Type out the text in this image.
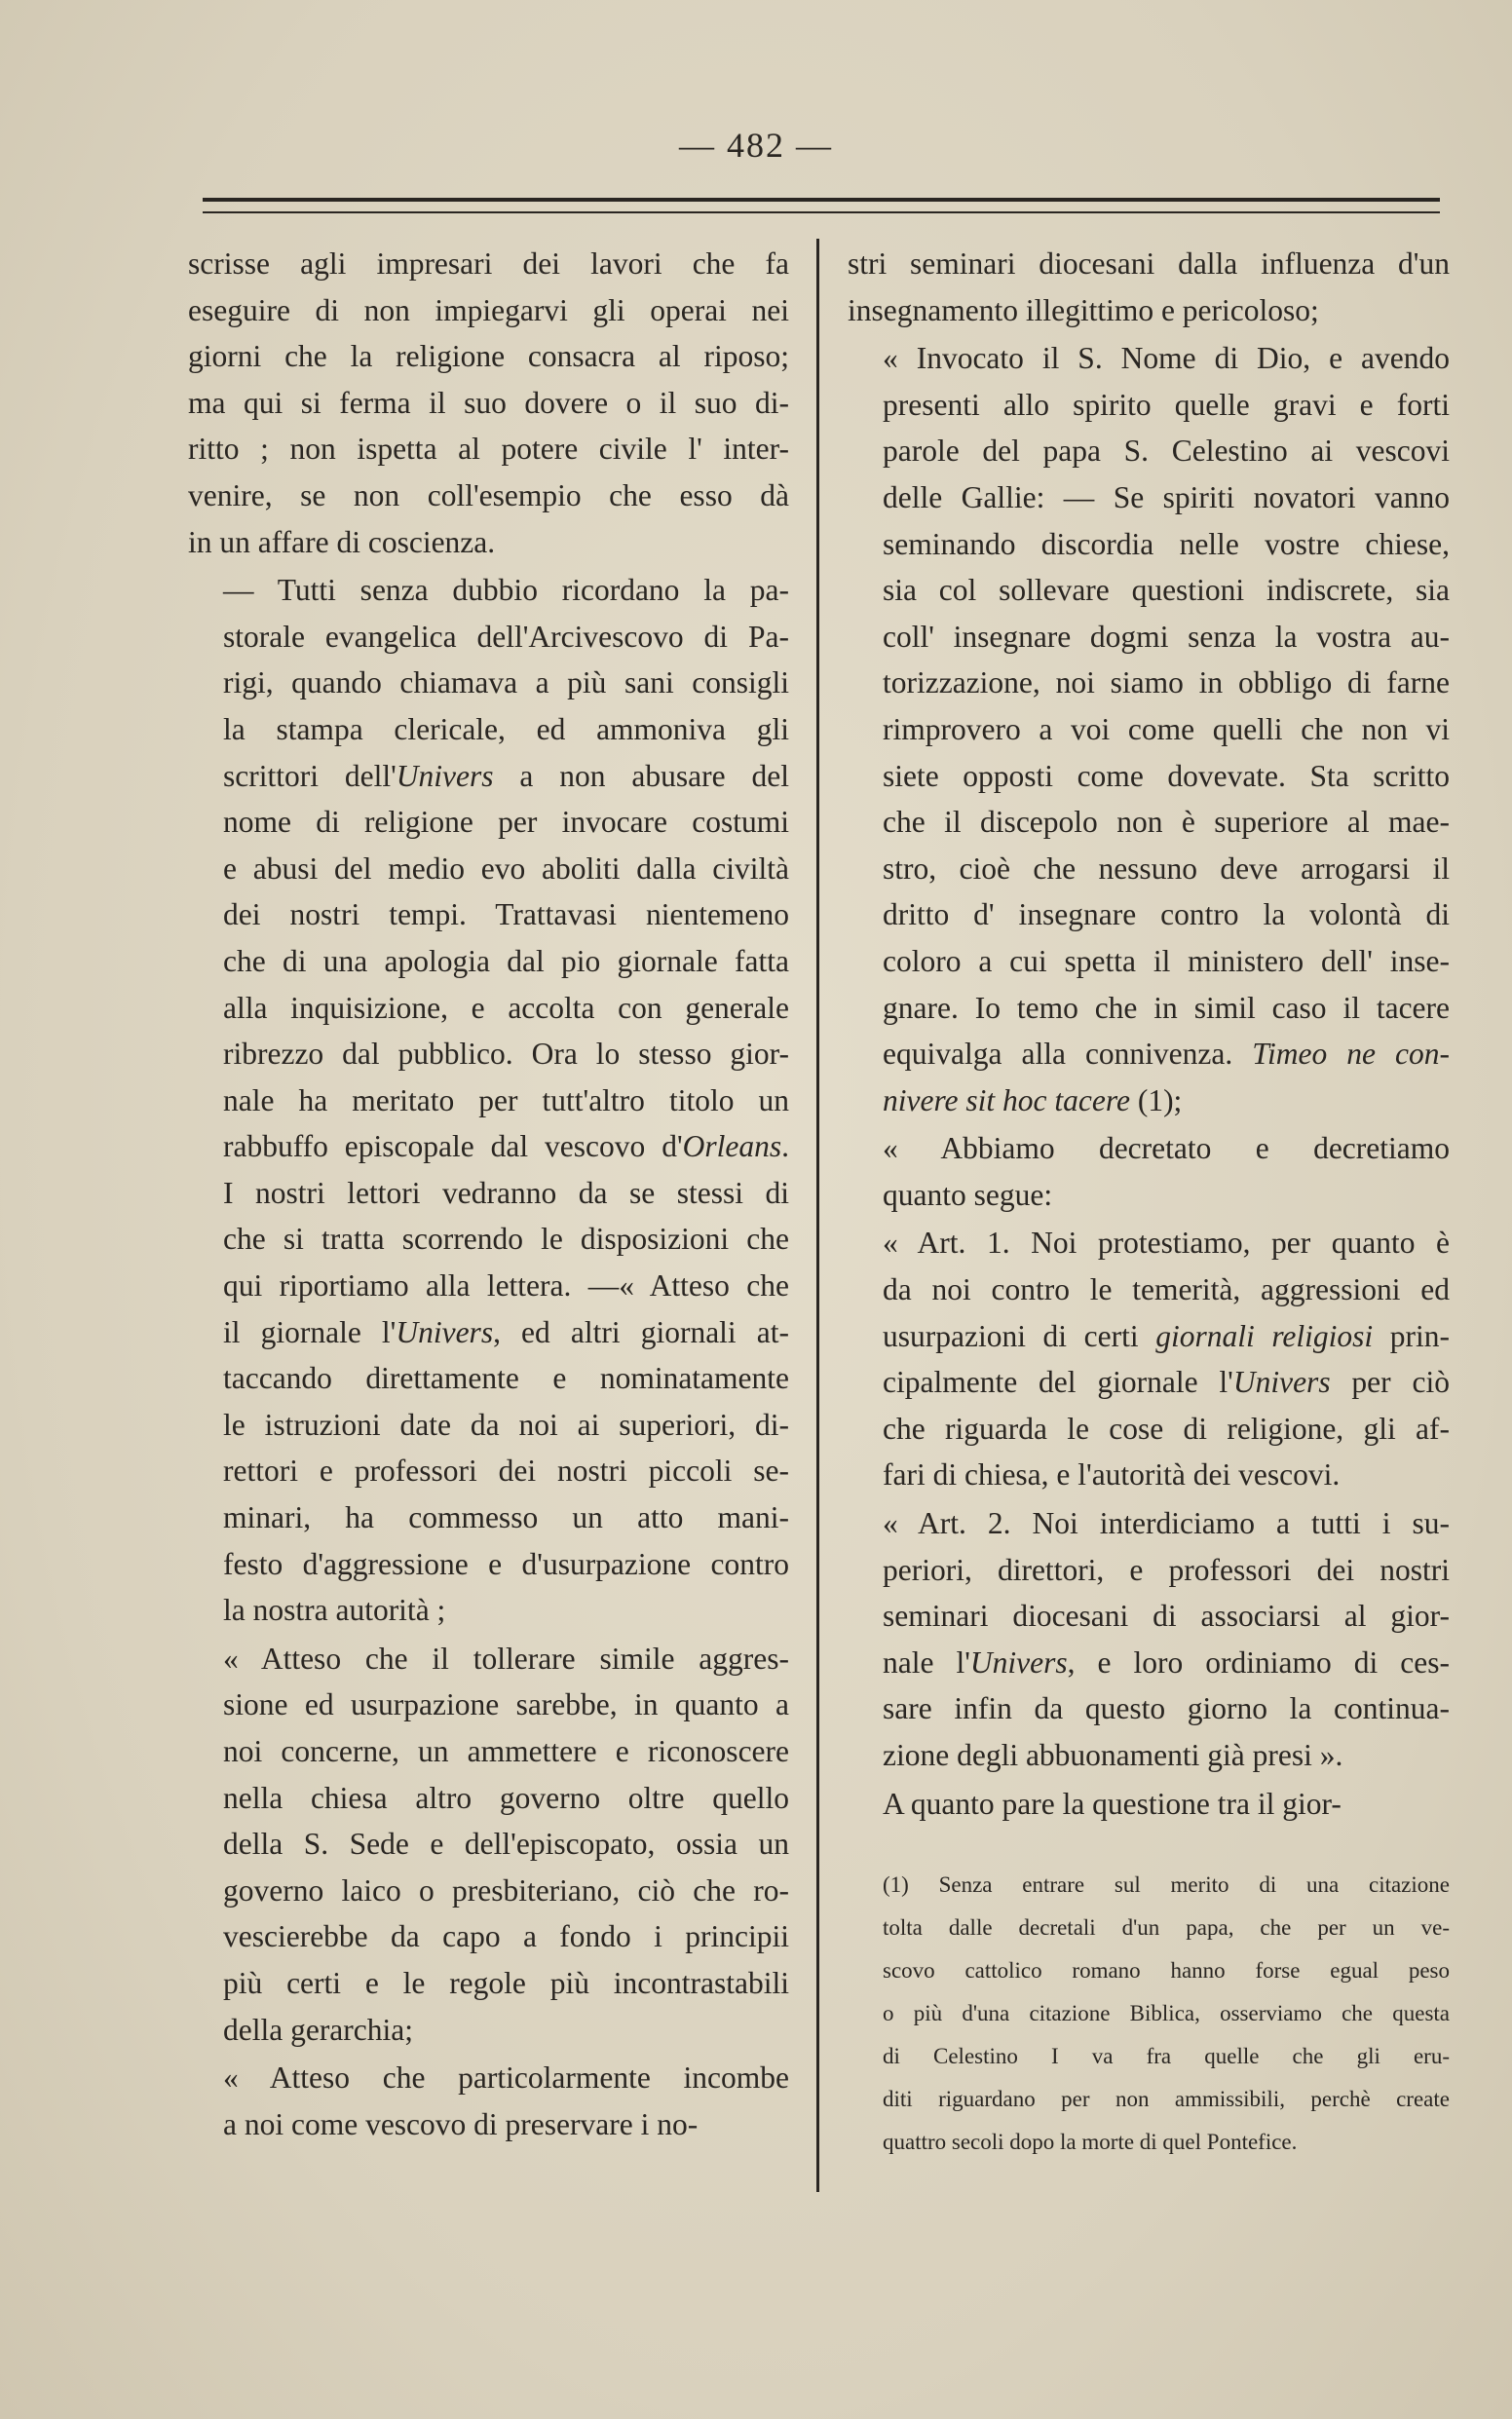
— 482 —

scrisse agli impresari dei lavori che fa
eseguire di non impiegarvi gli operai nei
giorni che la religione consacra al riposo;
ma qui si ferma il suo dovere o il suo di-
ritto ; non ispetta al potere civile l' inter-
venire, se non coll'esempio che esso dà
in un affare di coscienza.

— Tutti senza dubbio ricordano la pa-
storale evangelica dell'Arcivescovo di Pa-
rigi, quando chiamava a più sani consigli
la stampa clericale, ed ammoniva gli
scrittori dell'Univers a non abusare del
nome di religione per invocare costumi
e abusi del medio evo aboliti dalla civiltà
dei nostri tempi. Trattavasi nientemeno
che di una apologia dal pio giornale fatta
alla inquisizione, e accolta con generale
ribrezzo dal pubblico. Ora lo stesso gior-
nale ha meritato per tutt'altro titolo un
rabbuffo episcopale dal vescovo d'Orleans.
I nostri lettori vedranno da se stessi di
che si tratta scorrendo le disposizioni che
qui riportiamo alla lettera. —« Atteso che
il giornale l'Univers, ed altri giornali at-
taccando direttamente e nominatamente
le istruzioni date da noi ai superiori, di-
rettori e professori dei nostri piccoli se-
minari, ha commesso un atto mani-
festo d'aggressione e d'usurpazione contro
la nostra autorità ;

« Atteso che il tollerare simile aggres-
sione ed usurpazione sarebbe, in quanto a
noi concerne, un ammettere e riconoscere
nella chiesa altro governo oltre quello
della S. Sede e dell'episcopato, ossia un
governo laico o presbiteriano, ciò che ro-
vescierebbe da capo a fondo i principii
più certi e le regole più incontrastabili
della gerarchia;

« Atteso che particolarmente incombe
a noi come vescovo di preservare i no-

stri seminari diocesani dalla influenza d'un
insegnamento illegittimo e pericoloso;

« Invocato il S. Nome di Dio, e avendo
presenti allo spirito quelle gravi e forti
parole del papa S. Celestino ai vescovi
delle Gallie: — Se spiriti novatori vanno
seminando discordia nelle vostre chiese,
sia col sollevare questioni indiscrete, sia
coll' insegnare dogmi senza la vostra au-
torizzazione, noi siamo in obbligo di farne
rimprovero a voi come quelli che non vi
siete opposti come dovevate. Sta scritto
che il discepolo non è superiore al mae-
stro, cioè che nessuno deve arrogarsi il
dritto d' insegnare contro la volontà di
coloro a cui spetta il ministero dell' inse-
gnare. Io temo che in simil caso il tacere
equivalga alla connivenza. Timeo ne con-
nivere sit hoc tacere (1);

« Abbiamo decretato e decretiamo
quanto segue:

« Art. 1. Noi protestiamo, per quanto è
da noi contro le temerità, aggressioni ed
usurpazioni di certi giornali religiosi prin-
cipalmente del giornale l'Univers per ciò
che riguarda le cose di religione, gli af-
fari di chiesa, e l'autorità dei vescovi.

« Art. 2. Noi interdiciamo a tutti i su-
periori, direttori, e professori dei nostri
seminari diocesani di associarsi al gior-
nale l'Univers, e loro ordiniamo di ces-
sare infin da questo giorno la continua-
zione degli abbuonamenti già presi ».

A quanto pare la questione tra il gior-

(1) Senza entrare sul merito di una citazione
tolta dalle decretali d'un papa, che per un ve-
scovo cattolico romano hanno forse egual peso
o più d'una citazione Biblica, osserviamo che questa
di Celestino I va fra quelle che gli eru-
diti riguardano per non ammissibili, perchè create
quattro secoli dopo la morte di quel Pontefice.
